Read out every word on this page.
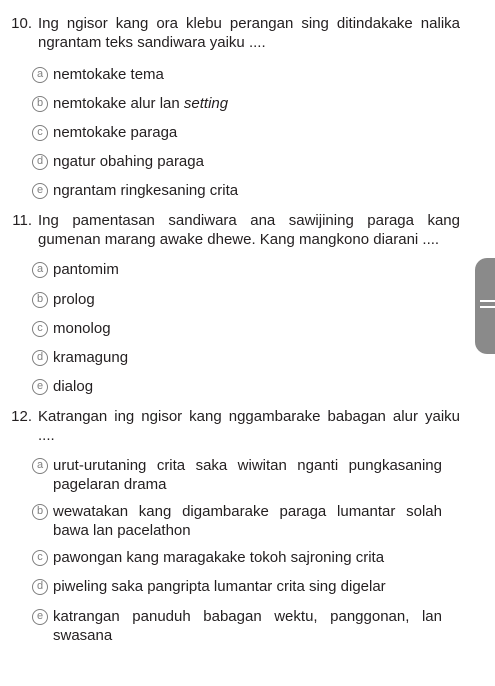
10. Ing ngisor kang ora klebu perangan sing ditindakake nalika ngrantam teks sandiwara yaiku ....
a nemtokake tema
b nemtokake alur lan setting
c nemtokake paraga
d ngatur obahing paraga
e ngrantam ringkesaning crita
11. Ing pamentasan sandiwara ana sawijining paraga kang gumenan marang awake dhewe. Kang mangkono diarani ....
a pantomim
b prolog
c monolog
d kramagung
e dialog
12. Katrangan ing ngisor kang nggambarake babagan alur yaiku ....
a urut-urutaning crita saka wiwitan nganti pungkasaning pagelaran drama
b wewatakan kang digambarake paraga lumantar solah bawa lan pacelathon
c pawongan kang maragakake tokoh sajroning crita
d piweling saka pangripta lumantar crita sing digelar
e katrangan panuduh babagan wektu, panggonan, lan swasana
